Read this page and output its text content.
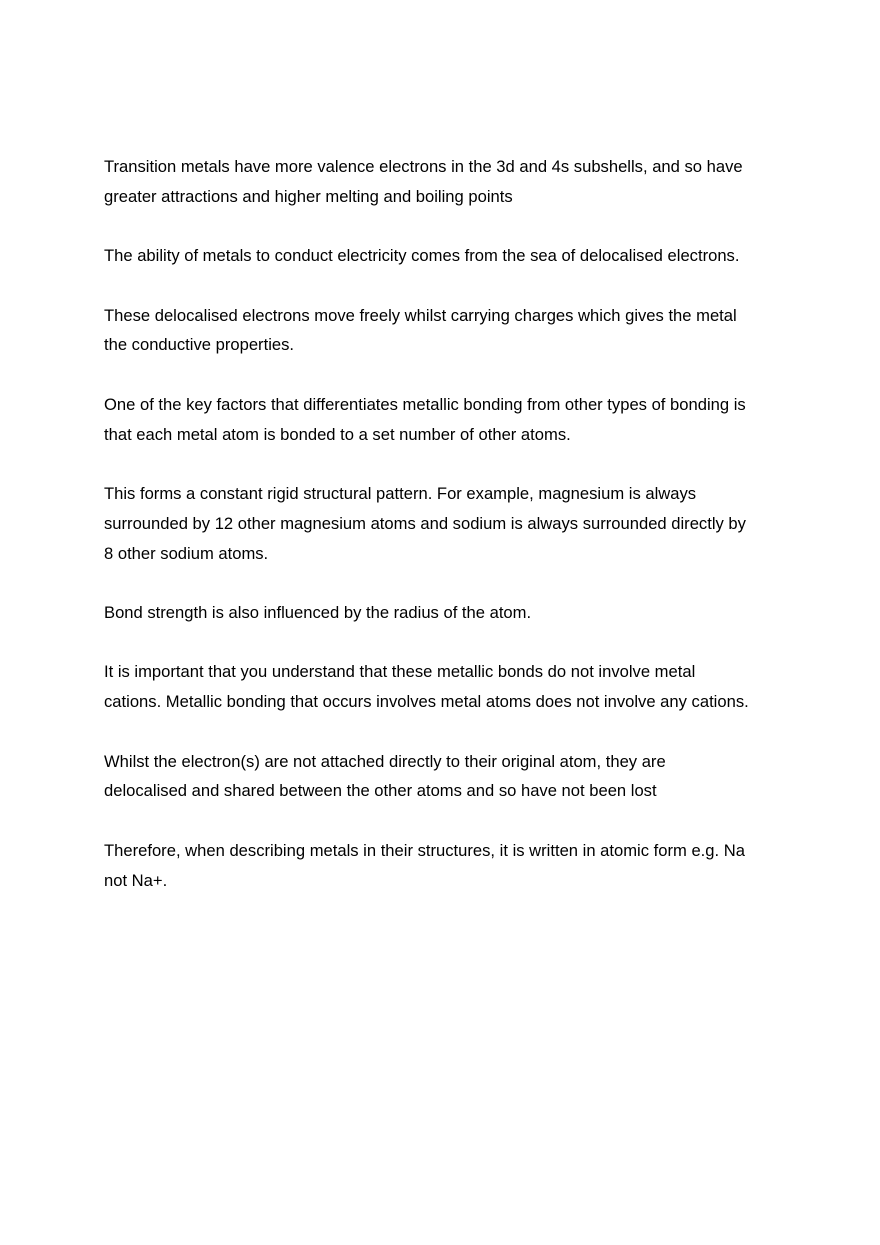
Transition metals have more valence electrons in the 3d and 4s subshells, and so have
greater attractions and higher melting and boiling points

The ability of metals to conduct electricity comes from the sea of delocalised electrons.

These delocalised electrons move freely whilst carrying charges which gives the metal
the conductive properties.

One of the key factors that differentiates metallic bonding from other types of bonding is
that each metal atom is bonded to a set number of other atoms.

This forms a constant rigid structural pattern. For example, magnesium is always
surrounded by 12 other magnesium atoms and sodium is always surrounded directly by
8 other sodium atoms.

Bond strength is also influenced by the radius of the atom.

It is important that you understand that these metallic bonds do not involve metal
cations. Metallic bonding that occurs involves metal atoms does not involve any cations.

Whilst the electron(s) are not attached directly to their original atom, they are
delocalised and shared between the other atoms and so have not been lost

Therefore, when describing metals in their structures, it is written in atomic form e.g. Na
not Na+.
